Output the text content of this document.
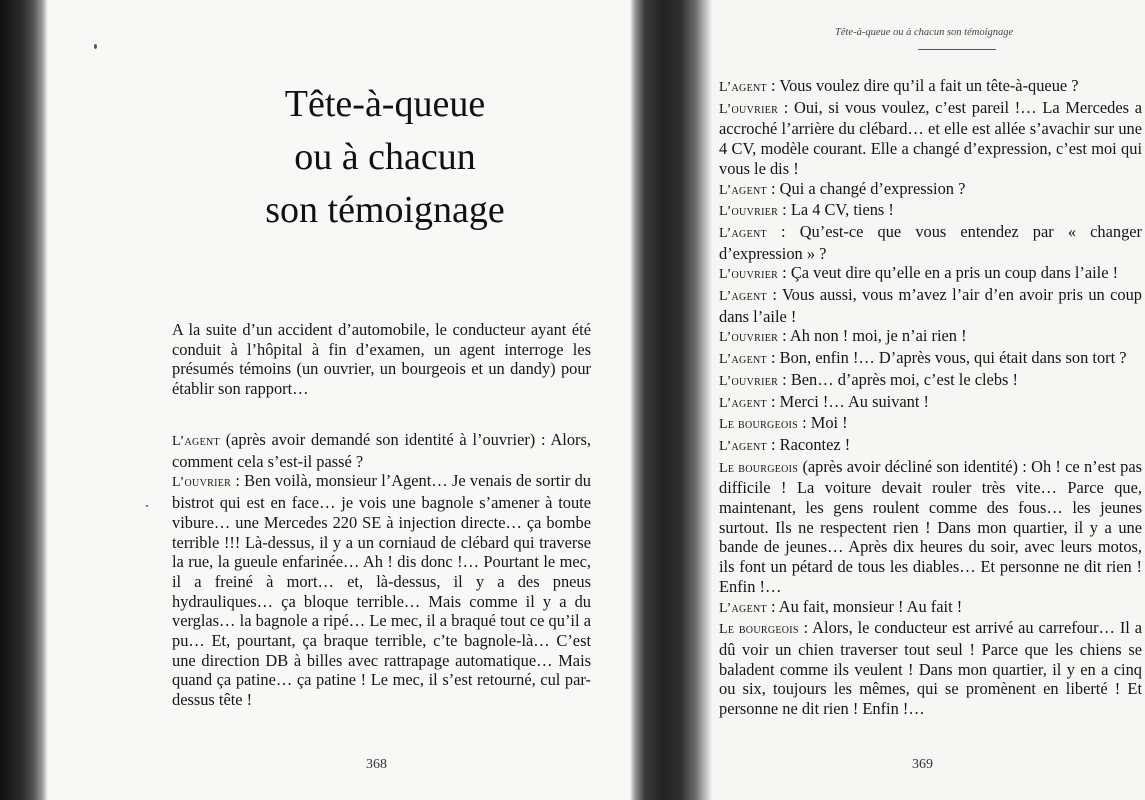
Tête-à-queue
ou à chacun
son témoignage

A la suite d’un accident d’automobile, le conducteur ayant été conduit à l’hôpital à fin d’examen, un agent interroge les présumés témoins (un ouvrier, un bourgeois et un dandy) pour établir son rapport…

L’agent (après avoir demandé son identité à l’ouvrier) : Alors, comment cela s’est-il passé ?

L’ouvrier : Ben voilà, monsieur l’Agent… Je venais de sortir du bistrot qui est en face… je vois une bagnole s’amener à toute vibure… une Mercedes 220 SE à injection directe… ça bombe terrible !!! Là-dessus, il y a un corniaud de clébard qui traverse la rue, la gueule enfarinée… Ah ! dis donc !… Pourtant le mec, il a freiné à mort… et, là-dessus, il y a des pneus hydrauliques… ça bloque terrible… Mais comme il y a du verglas… la bagnole a ripé… Le mec, il a braqué tout ce qu’il a pu… Et, pourtant, ça braque terrible, c’te bagnole-là… C’est une direction DB à billes avec rattrapage automatique… Mais quand ça patine… ça patine ! Le mec, il s’est retourné, cul par-dessus tête !

368
Tête-à-queue ou à chacun son témoignage

L’agent : Vous voulez dire qu’il a fait un tête-à-queue ?

L’ouvrier : Oui, si vous voulez, c’est pareil !… La Mercedes a accroché l’arrière du clébard… et elle est allée s’avachir sur une 4 CV, modèle courant. Elle a changé d’expression, c’est moi qui vous le dis !

L’agent : Qui a changé d’expression ?

L’ouvrier : La 4 CV, tiens !

L’agent : Qu’est-ce que vous entendez par « changer d’expression » ?

L’ouvrier : Ça veut dire qu’elle en a pris un coup dans l’aile !

L’agent : Vous aussi, vous m’avez l’air d’en avoir pris un coup dans l’aile !

L’ouvrier : Ah non ! moi, je n’ai rien !

L’agent : Bon, enfin !… D’après vous, qui était dans son tort ?

L’ouvrier : Ben… d’après moi, c’est le clebs !

L’agent : Merci !… Au suivant !

Le bourgeois : Moi !

L’agent : Racontez !

Le bourgeois (après avoir décliné son identité) : Oh ! ce n’est pas difficile ! La voiture devait rouler très vite… Parce que, maintenant, les gens roulent comme des fous… les jeunes surtout. Ils ne respectent rien ! Dans mon quartier, il y a une bande de jeunes… Après dix heures du soir, avec leurs motos, ils font un pétard de tous les diables… Et personne ne dit rien ! Enfin !…

L’agent : Au fait, monsieur ! Au fait !

Le bourgeois : Alors, le conducteur est arrivé au carrefour… Il a dû voir un chien traverser tout seul ! Parce que les chiens se baladent comme ils veulent ! Dans mon quartier, il y en a cinq ou six, toujours les mêmes, qui se promènent en liberté ! Et personne ne dit rien ! Enfin !…

369
